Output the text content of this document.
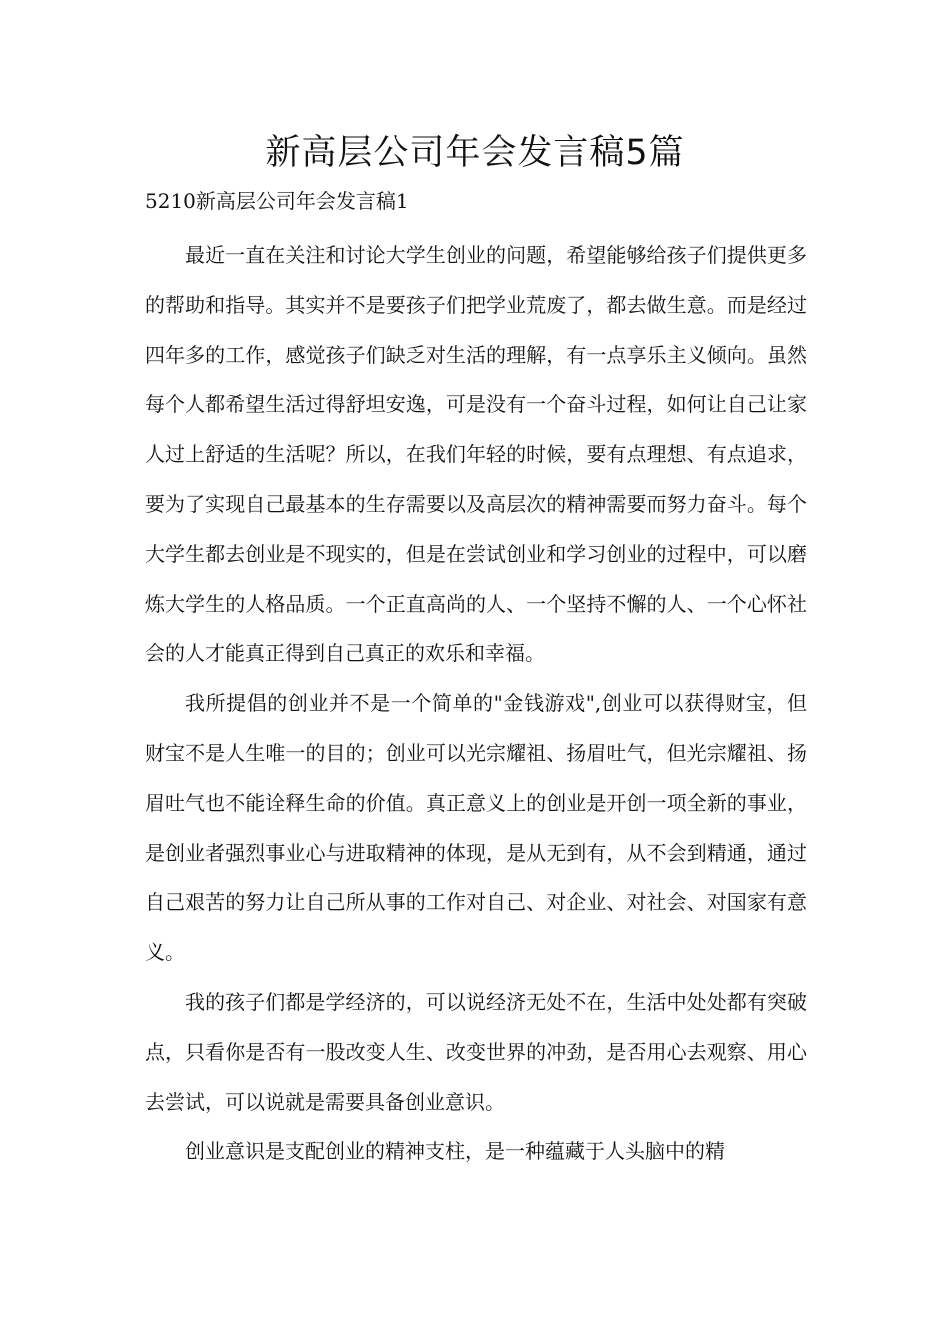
新高层公司年会发言稿5篇

5210新高层公司年会发言稿1

最近一直在关注和讨论大学生创业的问题，希望能够给孩子们提供更多的帮助和指导。其实并不是要孩子们把学业荒废了，都去做生意。而是经过四年多的工作，感觉孩子们缺乏对生活的理解，有一点享乐主义倾向。虽然每个人都希望生活过得舒坦安逸，可是没有一个奋斗过程，如何让自己让家人过上舒适的生活呢？所以，在我们年轻的时候，要有点理想、有点追求，要为了实现自己最基本的生存需要以及高层次的精神需要而努力奋斗。每个大学生都去创业是不现实的，但是在尝试创业和学习创业的过程中，可以磨炼大学生的人格品质。一个正直高尚的人、一个坚持不懈的人、一个心怀社会的人才能真正得到自己真正的欢乐和幸福。

我所提倡的创业并不是一个简单的"金钱游戏",创业可以获得财宝，但财宝不是人生唯一的目的；创业可以光宗耀祖、扬眉吐气，但光宗耀祖、扬眉吐气也不能诠释生命的价值。真正意义上的创业是开创一项全新的事业，是创业者强烈事业心与进取精神的体现，是从无到有，从不会到精通，通过自己艰苦的努力让自己所从事的工作对自己、对企业、对社会、对国家有意义。

我的孩子们都是学经济的，可以说经济无处不在，生活中处处都有突破点，只看你是否有一股改变人生、改变世界的冲劲，是否用心去观察、用心去尝试，可以说就是需要具备创业意识。

创业意识是支配创业的精神支柱，是一种蕴藏于人头脑中的精
